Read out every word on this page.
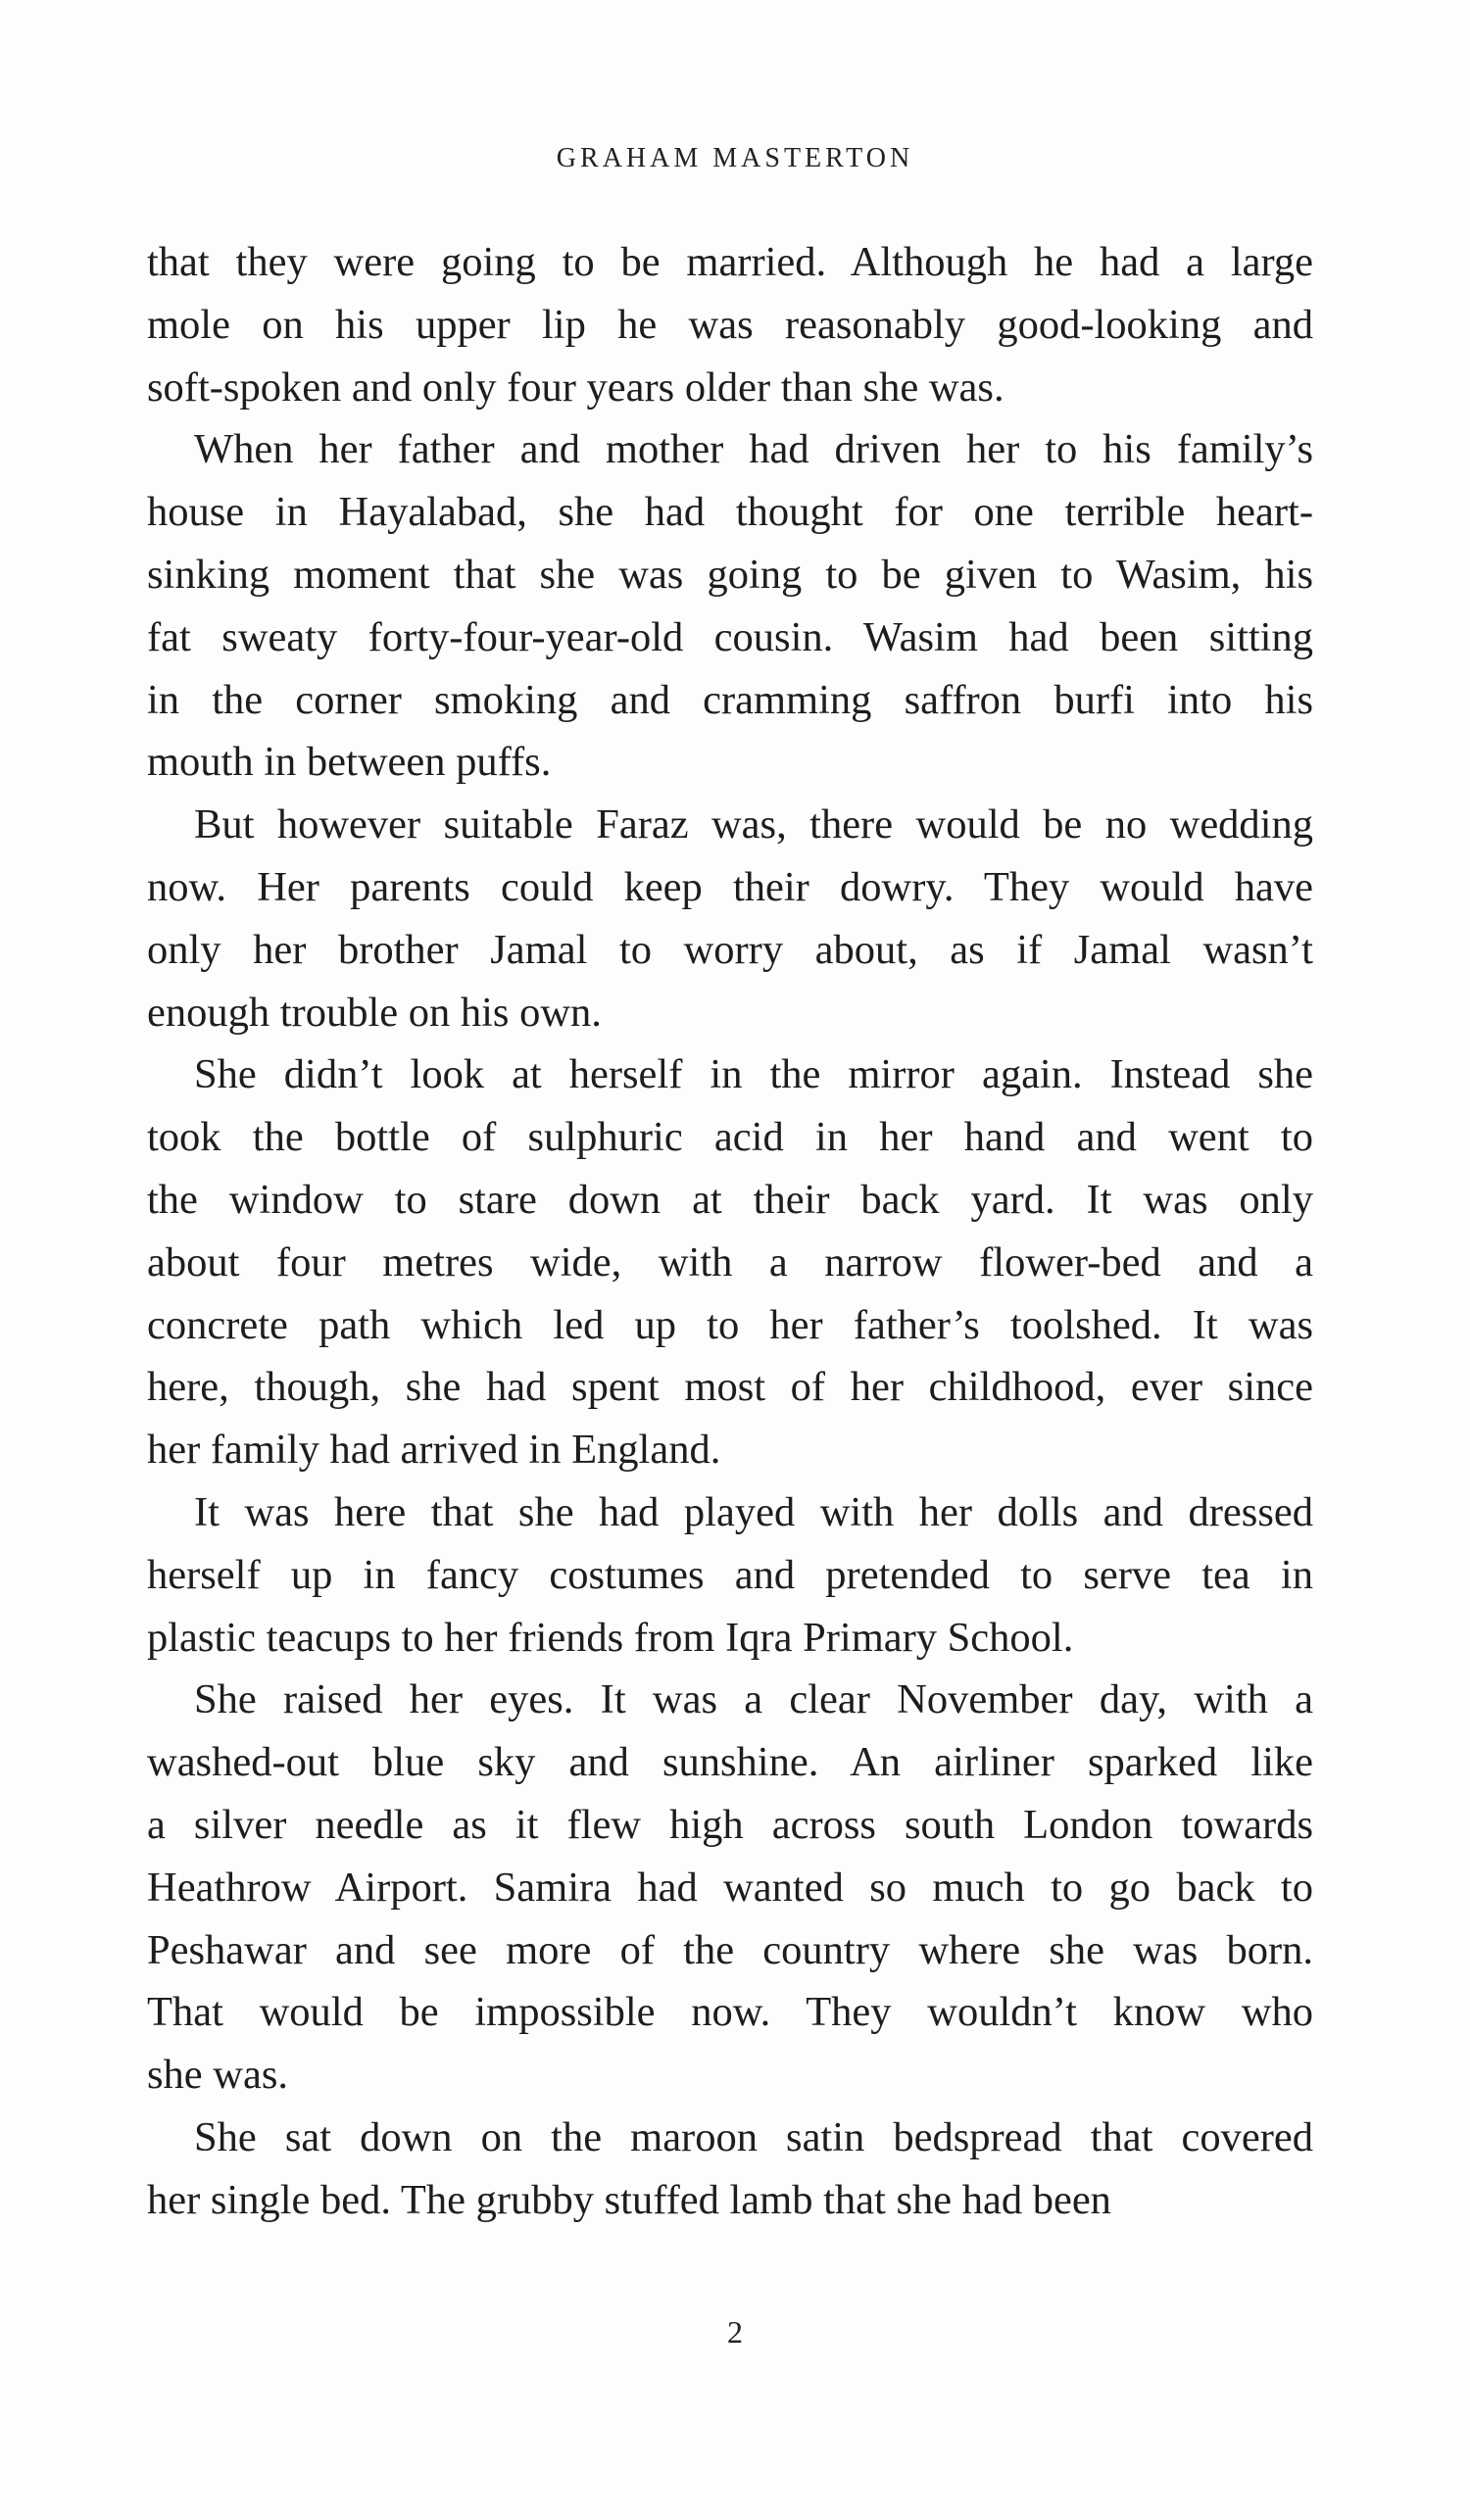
GRAHAM MASTERTON
that they were going to be married. Although he had a large
mole on his upper lip he was reasonably good-looking and
soft-spoken and only four years older than she was.
When her father and mother had driven her to his family’s
house in Hayalabad, she had thought for one terrible heart-
sinking moment that she was going to be given to Wasim, his
fat sweaty forty-four-year-old cousin. Wasim had been sitting
in the corner smoking and cramming saffron burfi into his
mouth in between puffs.
But however suitable Faraz was, there would be no wedding
now. Her parents could keep their dowry. They would have
only her brother Jamal to worry about, as if Jamal wasn’t
enough trouble on his own.
She didn’t look at herself in the mirror again. Instead she
took the bottle of sulphuric acid in her hand and went to
the window to stare down at their back yard. It was only
about four metres wide, with a narrow flower-bed and a
concrete path which led up to her father’s toolshed. It was
here, though, she had spent most of her childhood, ever since
her family had arrived in England.
It was here that she had played with her dolls and dressed
herself up in fancy costumes and pretended to serve tea in
plastic teacups to her friends from Iqra Primary School.
She raised her eyes. It was a clear November day, with a
washed-out blue sky and sunshine. An airliner sparked like
a silver needle as it flew high across south London towards
Heathrow Airport. Samira had wanted so much to go back to
Peshawar and see more of the country where she was born.
That would be impossible now. They wouldn’t know who
she was.
She sat down on the maroon satin bedspread that covered
her single bed. The grubby stuffed lamb that she had been
2
